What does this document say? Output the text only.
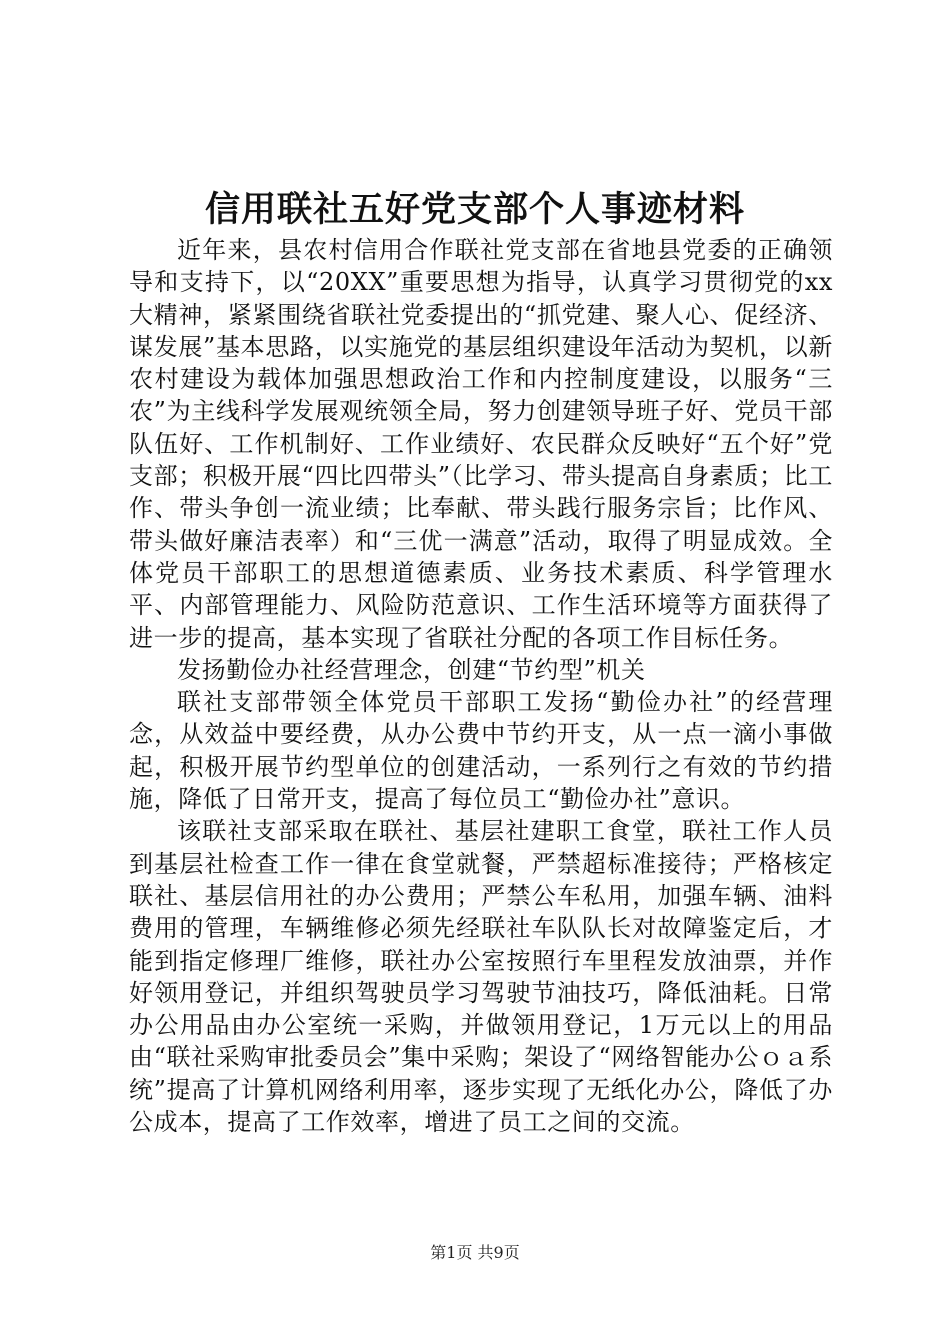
信用联社五好党支部个人事迹材料

近年来，县农村信用合作联社党支部在省地县党委的正确领导和支持下，以“20XX”重要思想为指导，认真学习贯彻党的xx大精神，紧紧围绕省联社党委提出的“抓党建、聚人心、促经济、谋发展”基本思路，以实施党的基层组织建设年活动为契机，以新农村建设为载体加强思想政治工作和内控制度建设，以服务“三农”为主线科学发展观统领全局，努力创建领导班子好、党员干部队伍好、工作机制好、工作业绩好、农民群众反映好“五个好”党支部；积极开展“四比四带头”（比学习、带头提高自身素质；比工作、带头争创一流业绩；比奉献、带头践行服务宗旨；比作风、带头做好廉洁表率）和“三优一满意”活动，取得了明显成效。全体党员干部职工的思想道德素质、业务技术素质、科学管理水平、内部管理能力、风险防范意识、工作生活环境等方面获得了进一步的提高，基本实现了省联社分配的各项工作目标任务。

发扬勤俭办社经营理念，创建“节约型”机关

联社支部带领全体党员干部职工发扬“勤俭办社”的经营理念，从效益中要经费，从办公费中节约开支，从一点一滴小事做起，积极开展节约型单位的创建活动，一系列行之有效的节约措施，降低了日常开支，提高了每位员工“勤俭办社”意识。

该联社支部采取在联社、基层社建职工食堂，联社工作人员到基层社检查工作一律在食堂就餐，严禁超标准接待；严格核定联社、基层信用社的办公费用；严禁公车私用，加强车辆、油料费用的管理，车辆维修必须先经联社车队队长对故障鉴定后，才能到指定修理厂维修，联社办公室按照行车里程发放油票，并作好领用登记，并组织驾驶员学习驾驶节油技巧，降低油耗。日常办公用品由办公室统一采购，并做领用登记，1万元以上的用品由“联社采购审批委员会”集中采购；架设了“网络智能办公ｏａ系统”提高了计算机网络利用率，逐步实现了无纸化办公，降低了办公成本，提高了工作效率，增进了员工之间的交流。

第1页 共9页
